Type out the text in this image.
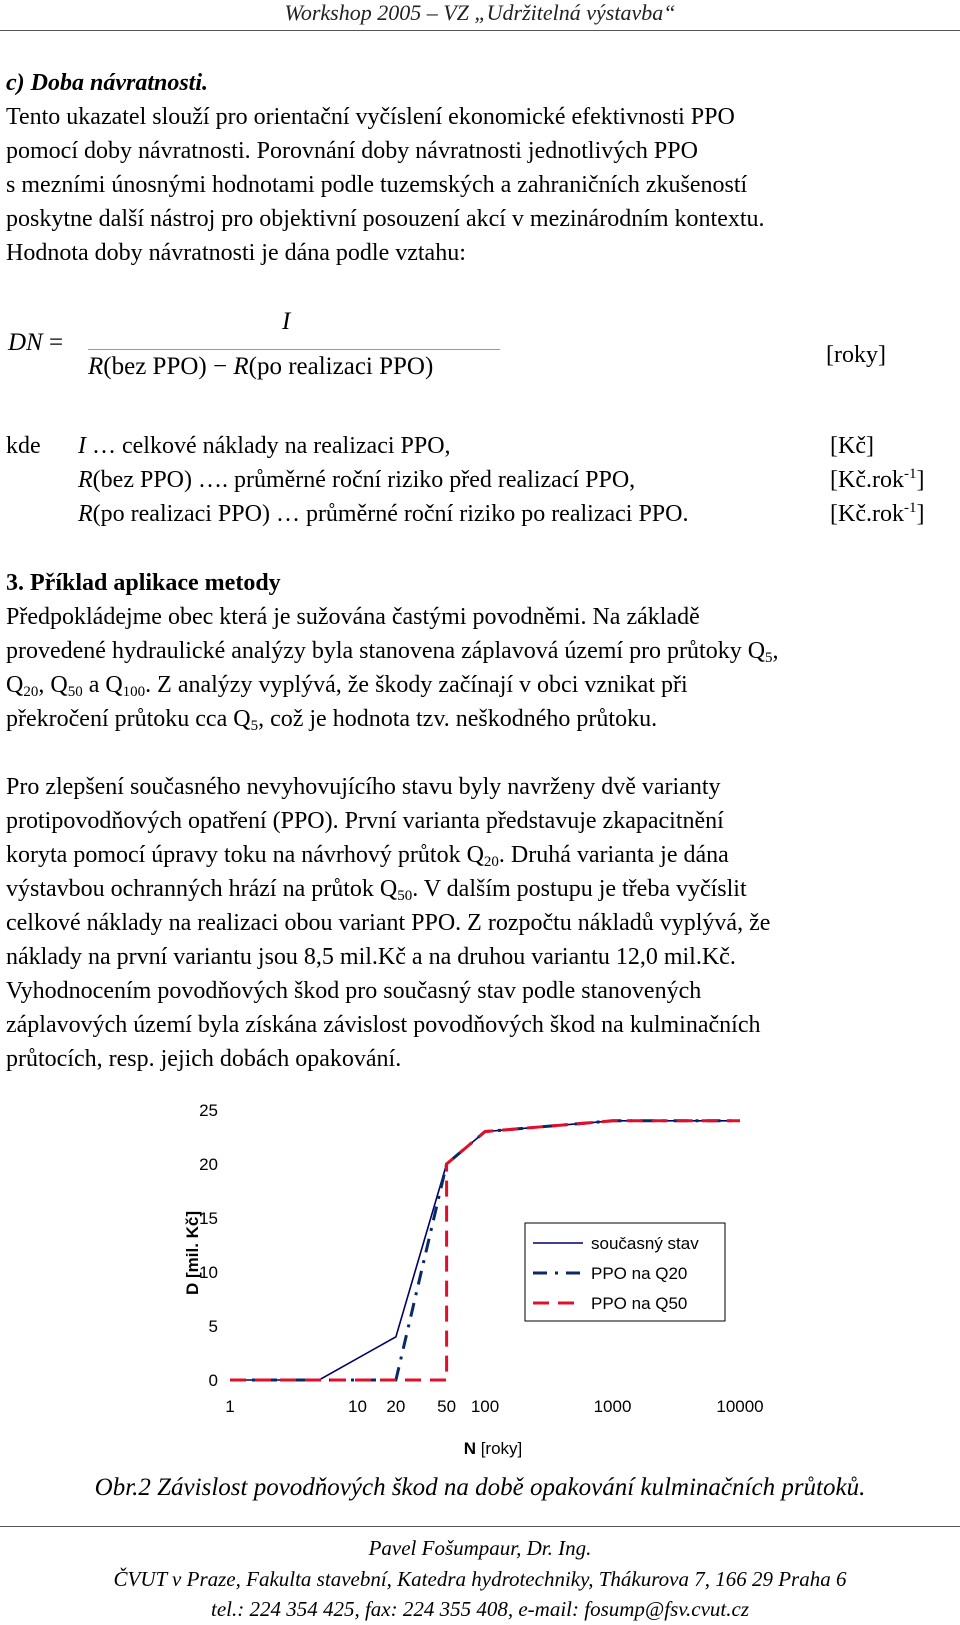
Workshop 2005 – VZ „Udržitelná výstavba“
c) Doba návratnosti.
Tento ukazatel slouží pro orientační vyčíslení ekonomické efektivnosti PPO
pomocí doby návratnosti. Porovnání doby návratnosti jednotlivých PPO
s mezními únosnými hodnotami podle tuzemských a zahraničních zkušeností
poskytne další nástroj pro objektivní posouzení akcí v mezinárodním kontextu.
Hodnota doby návratnosti je dána podle vztahu:
DN =
I
R(bez PPO) − R(po realizaci PPO)	[roky]
kde I … celkové náklady na realizaci PPO,	[Kč]
R(bez PPO) …. průměrné roční riziko před realizací PPO,	[Kč.rok$^{-1}$]
R(po realizaci PPO) … průměrné roční riziko po realizaci PPO.	[Kč.rok$^{-1}$]
3. Příklad aplikace metody
Předpokládejme obec která je sužována častými povodněmi. Na základě
provedené hydraulické analýzy byla stanovena záplavová území pro průtoky $Q_5$,
$Q_{20}$, $Q_{50}$ a $Q_{100}$. Z analýzy vyplývá, že škody začínají v obci vznikat při
překročení průtoku cca $Q_5$, což je hodnota tzv. neškodného průtoku.
Pro zlepšení současného nevyhovujícího stavu byly navrženy dvě varianty
protipovodňových opatření (PPO). První varianta představuje zkapacitnění
koryta pomocí úpravy toku na návrhový průtok $Q_{20}$. Druhá varianta je dána
výstavbou ochranných hrází na průtok $Q_{50}$. V dalším postupu je třeba vyčíslit
celkové náklady na realizaci obou variant PPO. Z rozpočtu nákladů vyplývá, že
náklady na první variantu jsou 8,5 mil.Kč a na druhou variantu 12,0 mil.Kč.
Vyhodnocením povodňových škod pro současný stav podle stanovených
záplavových území byla získána závislost povodňových škod na kulminačních
průtocích, resp. jejich dobách opakování.
0
5
10
15
20
25
1	10 20 50 100	1000	10000
N [roky]
D [mil. Kč]	současný stav
PPO na Q20
PPO na Q50
Obr.2 Závislost povodňových škod na době opakování kulminačních průtoků.
Pavel Fošumpaur, Dr. Ing.
ČVUT v Praze, Fakulta stavební, Katedra hydrotechniky, Thákurova 7, 166 29 Praha 6
tel.: 224 354 425, fax: 224 355 408, e-mail: fosump@fsv.cvut.cz
